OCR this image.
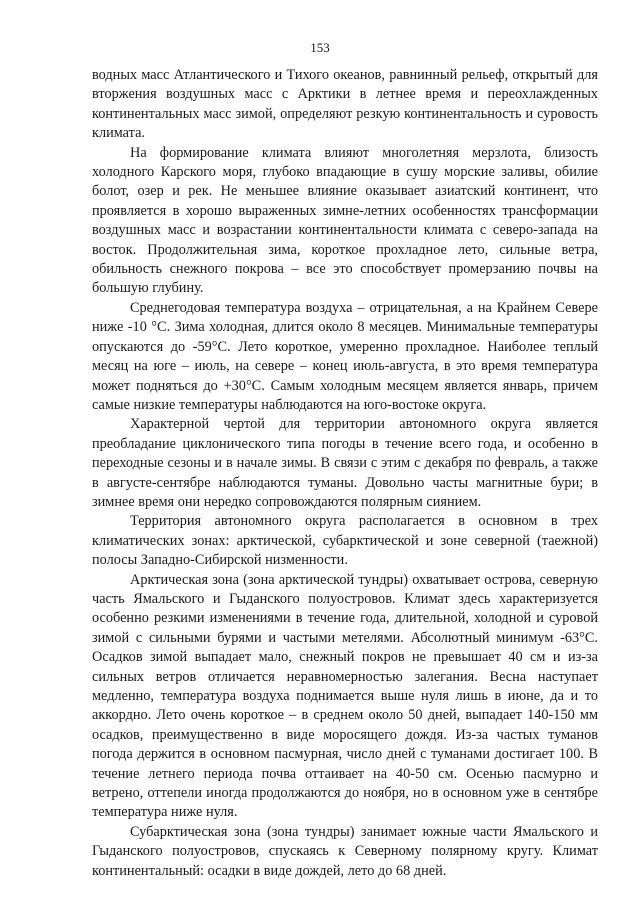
153

водных масс Атлантического и Тихого океанов, равнинный рельеф, открытый для вторжения воздушных масс с Арктики в летнее время и переохлажденных континентальных масс зимой, определяют резкую континентальность и суровость климата.

На формирование климата влияют многолетняя мерзлота, близость холодного Карского моря, глубоко впадающие в сушу морские заливы, обилие болот, озер и рек. Не меньшее влияние оказывает азиатский континент, что проявляется в хорошо выраженных зимне-летних особенностях трансформации воздушных масс и возрастании континентальности климата с северо-запада на восток. Продолжительная зима, короткое прохладное лето, сильные ветра, обильность снежного покрова – все это способствует промерзанию почвы на большую глубину.

Среднегодовая температура воздуха – отрицательная, а на Крайнем Севере ниже -10 °С. Зима холодная, длится около 8 месяцев. Минимальные температуры опускаются до -59°С. Лето короткое, умеренно прохладное. Наиболее теплый месяц на юге – июль, на севере – конец июль-августа, в это время температура может подняться до +30°С. Самым холодным месяцем является январь, причем самые низкие температуры наблюдаются на юго-востоке округа.

Характерной чертой для территории автономного округа является преобладание циклонического типа погоды в течение всего года, и особенно в переходные сезоны и в начале зимы. В связи с этим с декабря по февраль, а также в августе-сентябре наблюдаются туманы. Довольно часты магнитные бури; в зимнее время они нередко сопровождаются полярным сиянием.

Территория автономного округа располагается в основном в трех климатических зонах: арктической, субарктической и зоне северной (таежной) полосы Западно-Сибирской низменности.

Арктическая зона (зона арктической тундры) охватывает острова, северную часть Ямальского и Гыданского полуостровов. Климат здесь характеризуется особенно резкими изменениями в течение года, длительной, холодной и суровой зимой с сильными бурями и частыми метелями. Абсолютный минимум -63°С. Осадков зимой выпадает мало, снежный покров не превышает 40 см и из-за сильных ветров отличается неравномерностью залегания. Весна наступает медленно, температура воздуха поднимается выше нуля лишь в июне, да и то аккордно. Лето очень короткое – в среднем около 50 дней, выпадает 140-150 мм осадков, преимущественно в виде моросящего дождя. Из-за частых туманов погода держится в основном пасмурная, число дней с туманами достигает 100. В течение летнего периода почва оттаивает на 40-50 см. Осенью пасмурно и ветрено, оттепели иногда продолжаются до ноября, но в основном уже в сентябре температура ниже нуля.

Субарктическая зона (зона тундры) занимает южные части Ямальского и Гыданского полуостровов, спускаясь к Северному полярному кругу. Климат континентальный: осадки в виде дождей, лето до 68 дней.
